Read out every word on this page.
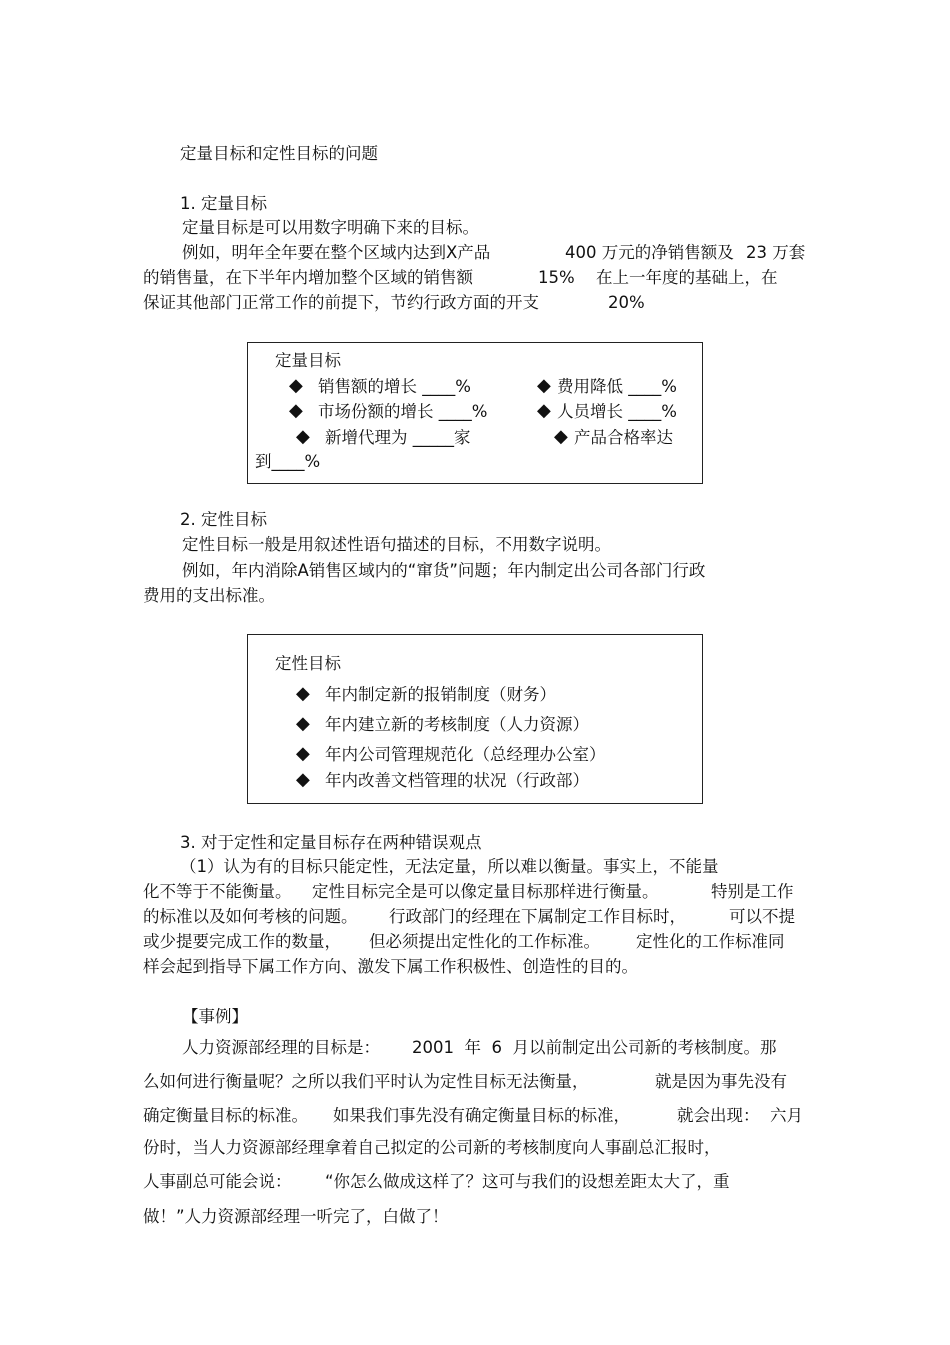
定量目标和定性目标的问题
1. 定量目标
定量目标是可以用数字明确下来的目标。
例如，明年全年要在整个区域内达到X产品	400 万元的净销售额及 23 万套
的销售量，在下半年内增加整个区域的销售额	15% 在上一年度的基础上，在
保证其他部门正常工作的前提下，节约行政方面的开支	20%
定量目标
◆ 销售额的增长 ____%	◆ 费用降低 ____%
◆ 市场份额的增长 ____%	◆ 人员增长 ____%
◆ 新增代理为 _____家	◆ 产品合格率达
到____%
2. 定性目标
定性目标一般是用叙述性语句描述的目标，不用数字说明。
例如，年内消除A销售区域内的“窜货”问题；年内制定出公司各部门行政
费用的支出标准。
定性目标
◆ 年内制定新的报销制度（财务）
◆ 年内建立新的考核制度（人力资源）
◆ 年内公司管理规范化（总经理办公室）
◆ 年内改善文档管理的状况（行政部）
3. 对于定性和定量目标存在两种错误观点
（1）认为有的目标只能定性，无法定量，所以难以衡量。事实上，不能量
化不等于不能衡量。 定性目标完全是可以像定量目标那样进行衡量。	特别是工作
的标准以及如何考核的问题。 行政部门的经理在下属制定工作目标时，	可以不提
或少提要完成工作的数量， 但必须提出定性化的工作标准。 定性化的工作标准同
样会起到指导下属工作方向、激发下属工作积极性、创造性的目的。
【事例】
人力资源部经理的目标是： 2001  年  6  月以前制定出公司新的考核制度。那
么如何进行衡量呢？之所以我们平时认为定性目标无法衡量，	就是因为事先没有
确定衡量目标的标准。 如果我们事先没有确定衡量目标的标准，	就会出现： 六月
份时，当人力资源部经理拿着自己拟定的公司新的考核制度向人事副总汇报时，
人事副总可能会说： “你怎么做成这样了？这可与我们的设想差距太大了，重
做！”人力资源部经理一听完了，白做了！
